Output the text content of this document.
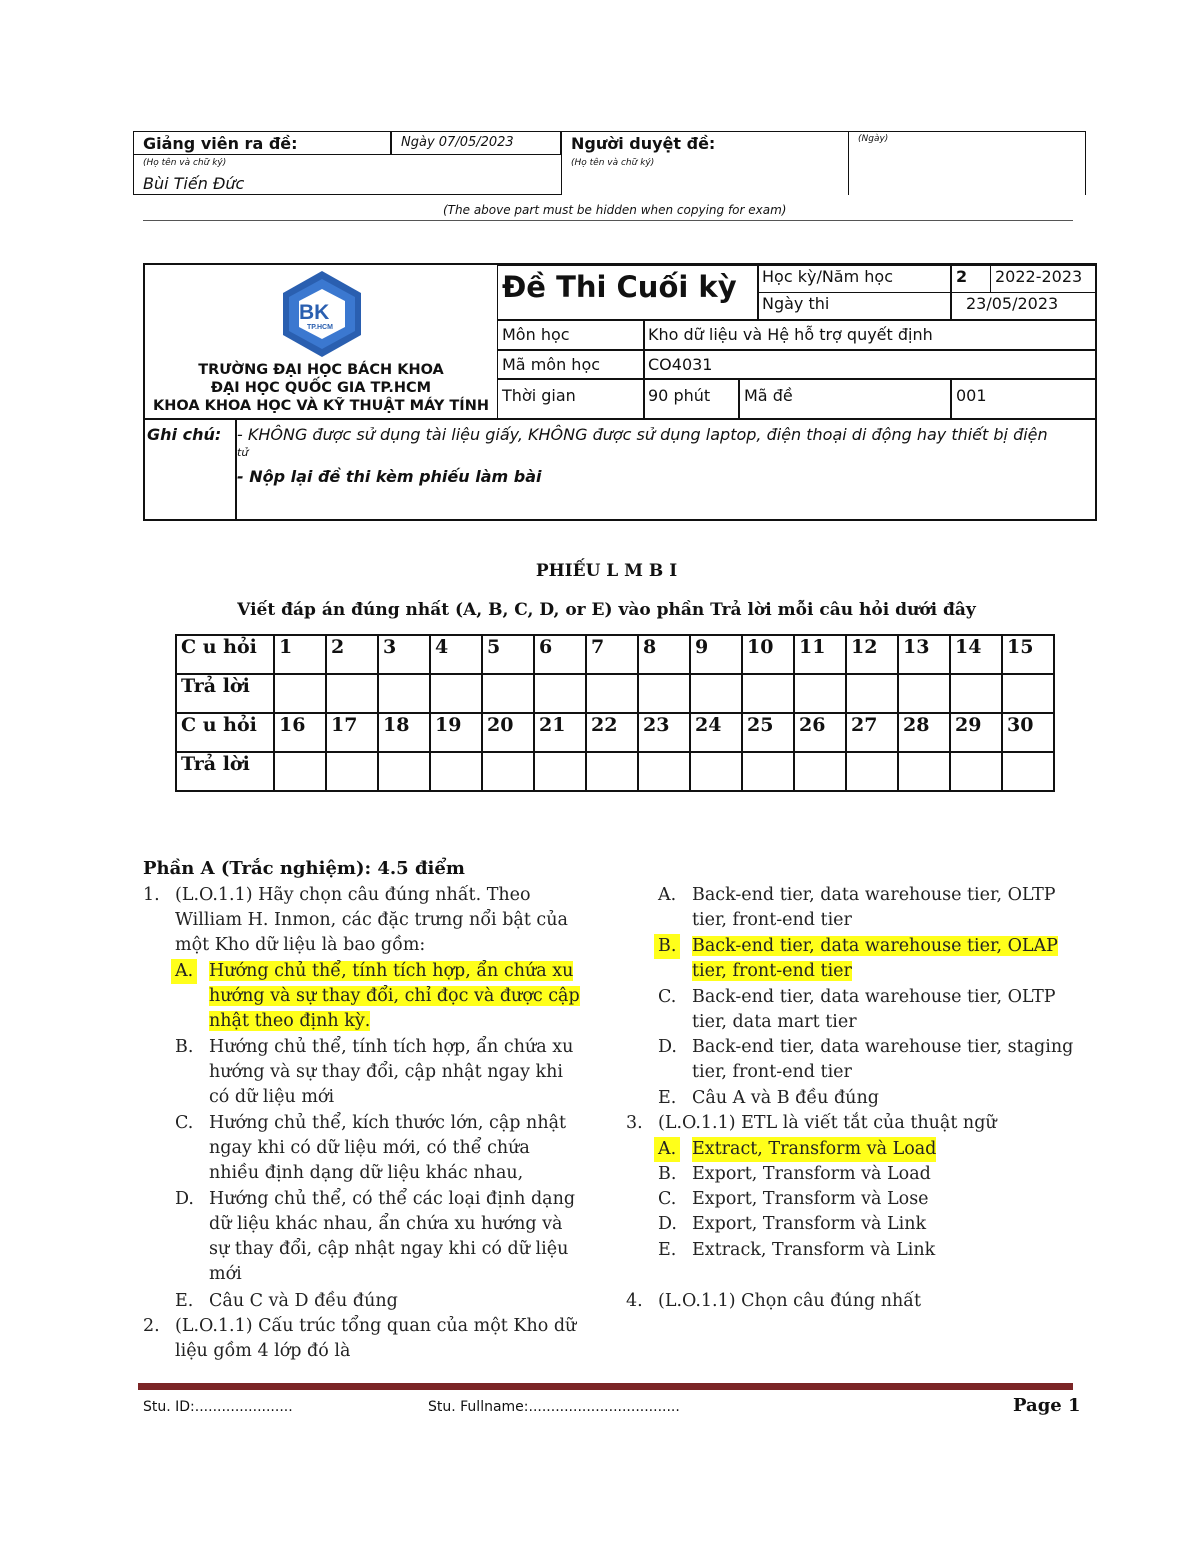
Giảng viên ra đề:	Ngày 07/05/2023	Người duyệt đề:	(Ngày)
(Họ tên và chữ ký)	(Họ tên và chữ ký)
Bùi Tiến Đức
(The above part must be hidden when copying for exam)
BK
TP.HCM
TRƯỜNG ĐẠI HỌC BÁCH KHOA
ĐẠI HỌC QUỐC GIA TP.HCM
KHOA KHOA HỌC VÀ KỸ THUẬT MÁY TÍNH
Đề Thi Cuối kỳ	Học kỳ/Năm học	2	2022-2023
Ngày thi	23/05/2023
Môn học	Kho dữ liệu và Hệ hỗ trợ quyết định
Mã môn học	CO4031
Thời gian	90 phút	Mã đề	001
Ghi chú: - KHÔNG được sử dụng tài liệu giấy, KHÔNG được sử dụng laptop, điện thoại di động hay thiết bị điện
tử
- Nộp lại đề thi kèm phiếu làm bài
PHIẾU L M B I
Viết đáp án đúng nhất (A, B, C, D, or E) vào phần Trả lời mỗi câu hỏi dưới đây
C u hỏi	1	2	3	4	5	6	7	8	9	10	11	12	13	14	15
Trả lời															
C u hỏi	16	17	18	19	20	21	22	23	24	25	26	27	28	29	30
Trả lời															
Phần A (Trắc nghiệm): 4.5 điểm
1. (L.O.1.1) Hãy chọn câu đúng nhất. Theo
William H. Inmon, các đặc trưng nổi bật của
một Kho dữ liệu là bao gồm:
A. Hướng chủ thể, tính tích hợp, ẩn chứa xu
hướng và sự thay đổi, chỉ đọc và được cập
nhật theo định kỳ.
B. Hướng chủ thể, tính tích hợp, ẩn chứa xu
hướng và sự thay đổi, cập nhật ngay khi
có dữ liệu mới
C. Hướng chủ thể, kích thước lớn, cập nhật
ngay khi có dữ liệu mới, có thể chứa
nhiều định dạng dữ liệu khác nhau,
D. Hướng chủ thể, có thể các loại định dạng
dữ liệu khác nhau, ẩn chứa xu hướng và
sự thay đổi, cập nhật ngay khi có dữ liệu
mới
E. Câu C và D đều đúng
2. (L.O.1.1) Cấu trúc tổng quan của một Kho dữ
liệu gồm 4 lớp đó là
A. Back-end tier, data warehouse tier, OLTP
tier, front-end tier
B. Back-end tier, data warehouse tier, OLAP
tier, front-end tier
C. Back-end tier, data warehouse tier, OLTP
tier, data mart tier
D. Back-end tier, data warehouse tier, staging
tier, front-end tier
E. Câu A và B đều đúng
3. (L.O.1.1) ETL là viết tắt của thuật ngữ
A. Extract, Transform và Load
B. Export, Transform và Load
C. Export, Transform và Lose
D. Export, Transform và Link
E. Extrack, Transform và Link
4. (L.O.1.1) Chọn câu đúng nhất
Stu. ID:......................	Stu. Fullname:..................................	Page 1
